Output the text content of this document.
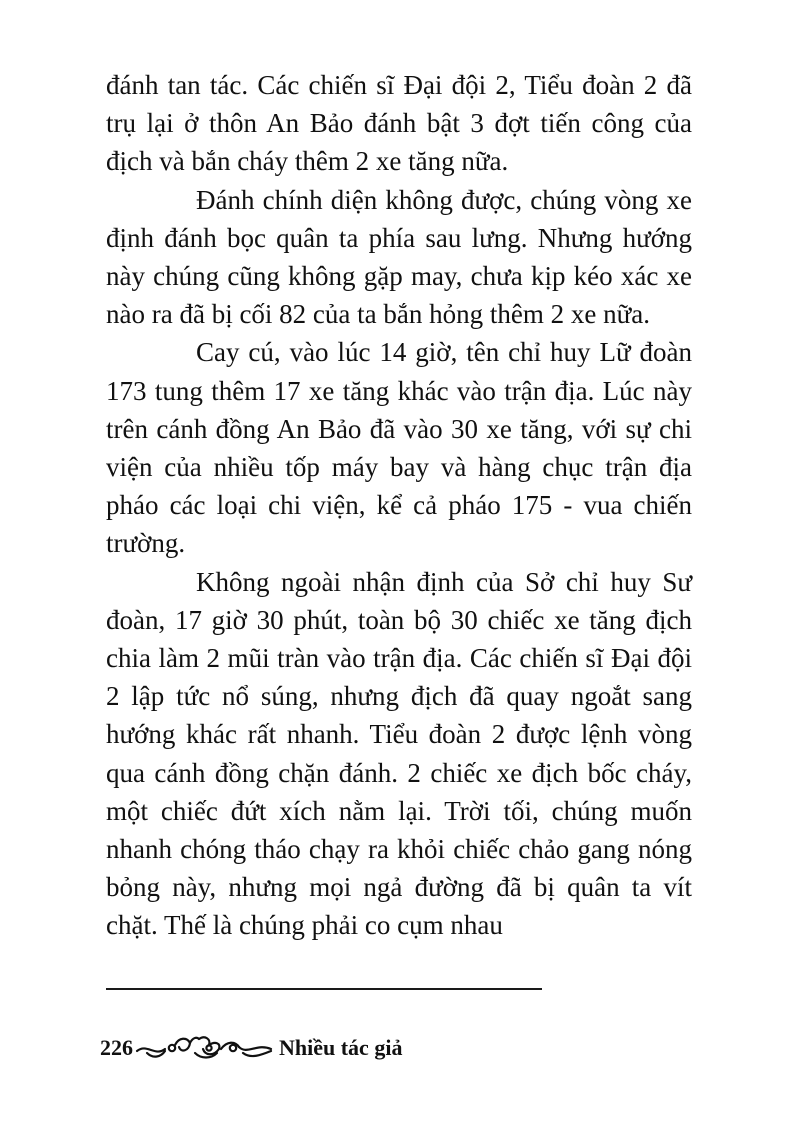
đánh tan tác. Các chiến sĩ Đại đội 2, Tiểu đoàn 2 đã trụ lại ở thôn An Bảo đánh bật 3 đợt tiến công của địch và bắn cháy thêm 2 xe tăng nữa.

Đánh chính diện không được, chúng vòng xe định đánh bọc quân ta phía sau lưng. Nhưng hướng này chúng cũng không gặp may, chưa kịp kéo xác xe nào ra đã bị cối 82 của ta bắn hỏng thêm 2 xe nữa.

Cay cú, vào lúc 14 giờ, tên chỉ huy Lữ đoàn 173 tung thêm 17 xe tăng khác vào trận địa. Lúc này trên cánh đồng An Bảo đã vào 30 xe tăng, với sự chi viện của nhiều tốp máy bay và hàng chục trận địa pháo các loại chi viện, kể cả pháo 175 - vua chiến trường.

Không ngoài nhận định của Sở chỉ huy Sư đoàn, 17 giờ 30 phút, toàn bộ 30 chiếc xe tăng địch chia làm 2 mũi tràn vào trận địa. Các chiến sĩ Đại đội 2 lập tức nổ súng, nhưng địch đã quay ngoắt sang hướng khác rất nhanh. Tiểu đoàn 2 được lệnh vòng qua cánh đồng chặn đánh. 2 chiếc xe địch bốc cháy, một chiếc đứt xích nằm lại. Trời tối, chúng muốn nhanh chóng tháo chạy ra khỏi chiếc chảo gang nóng bỏng này, nhưng mọi ngả đường đã bị quân ta vít chặt. Thế là chúng phải co cụm nhau

226	Nhiều tác giả
